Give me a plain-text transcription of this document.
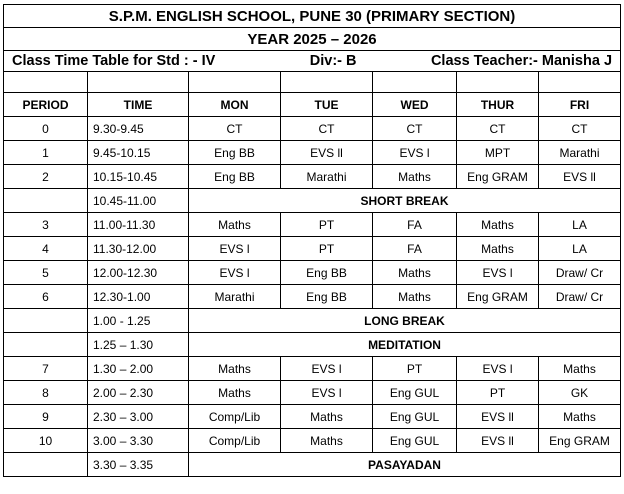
S.P.M. ENGLISH SCHOOL, PUNE 30 (PRIMARY SECTION)						
YEAR 2025 – 2026						

Class Time Table for Std : - IV Div:- B Class Teacher:- Manisha J						

PERIOD	TIME	MON	TUE	WED	THUR	FRI
0	9.30-9.45	CT	CT	CT	CT	CT
1	9.45-10.15	Eng BB	EVS ll	EVS l	MPT	Marathi
2	10.15-10.45	Eng BB	Marathi	Maths	Eng GRAM	EVS ll
	10.45-11.00	SHORT BREAK				
3	11.00-11.30	Maths	PT	FA	Maths	LA
4	11.30-12.00	EVS l	PT	FA	Maths	LA
5	12.00-12.30	EVS l	Eng BB	Maths	EVS l	Draw/ Cr
6	12.30-1.00	Marathi	Eng BB	Maths	Eng GRAM	Draw/ Cr
	1.00 - 1.25	LONG BREAK				
	1.25 – 1.30	MEDITATION				
7	1.30 – 2.00	Maths	EVS l	PT	EVS l	Maths
8	2.00 – 2.30	Maths	EVS l	Eng GUL	PT	GK
9	2.30 – 3.00	Comp/Lib	Maths	Eng GUL	EVS ll	Maths
10	3.00 – 3.30	Comp/Lib	Maths	Eng GUL	EVS ll	Eng GRAM
	3.30 – 3.35	PASAYADAN				
